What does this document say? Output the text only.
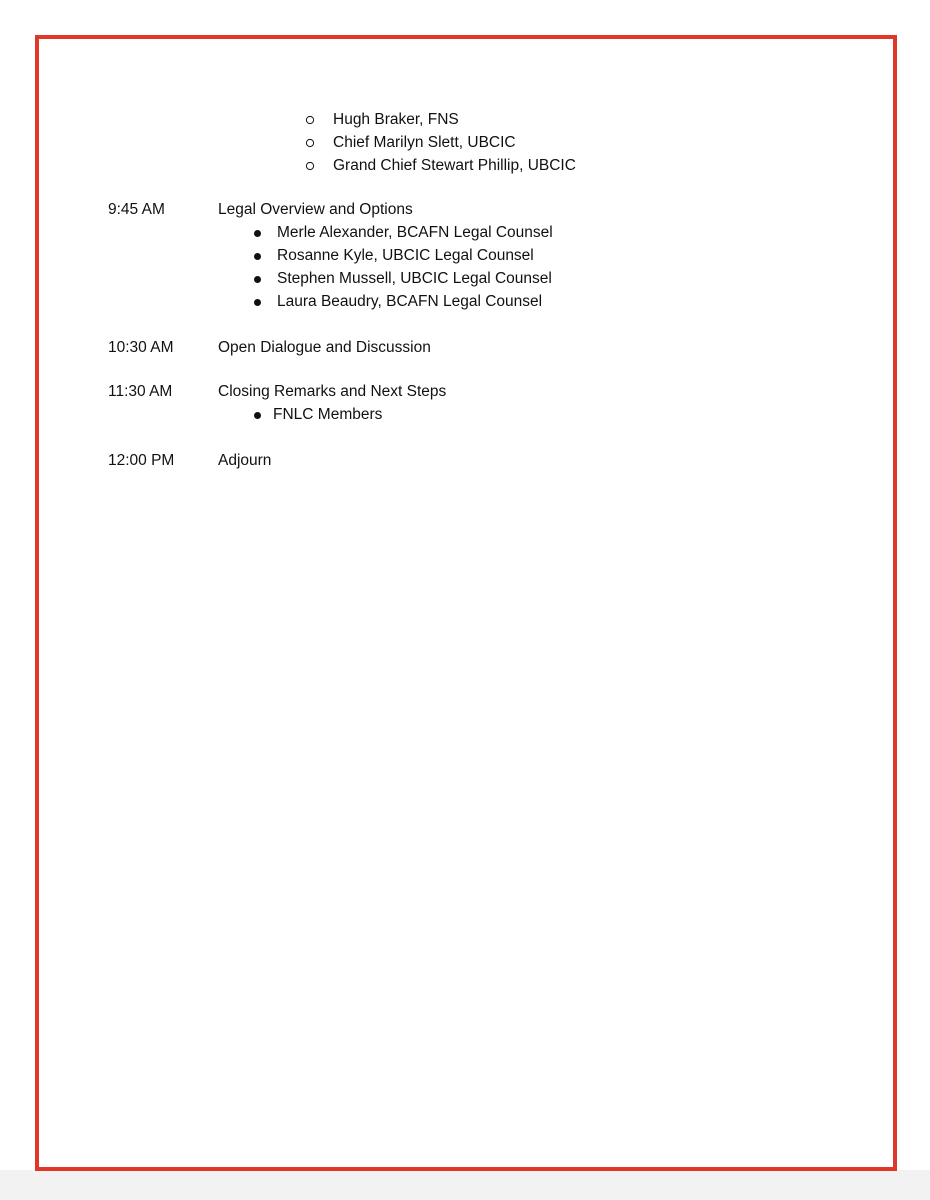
Hugh Braker, FNS
Chief Marilyn Slett, UBCIC
Grand Chief Stewart Phillip, UBCIC
9:45 AM	Legal Overview and Options
Merle Alexander, BCAFN Legal Counsel
Rosanne Kyle, UBCIC Legal Counsel
Stephen Mussell, UBCIC Legal Counsel
Laura Beaudry, BCAFN Legal Counsel
10:30 AM	Open Dialogue and Discussion
11:30 AM	Closing Remarks and Next Steps
FNLC Members
12:00 PM	Adjourn
